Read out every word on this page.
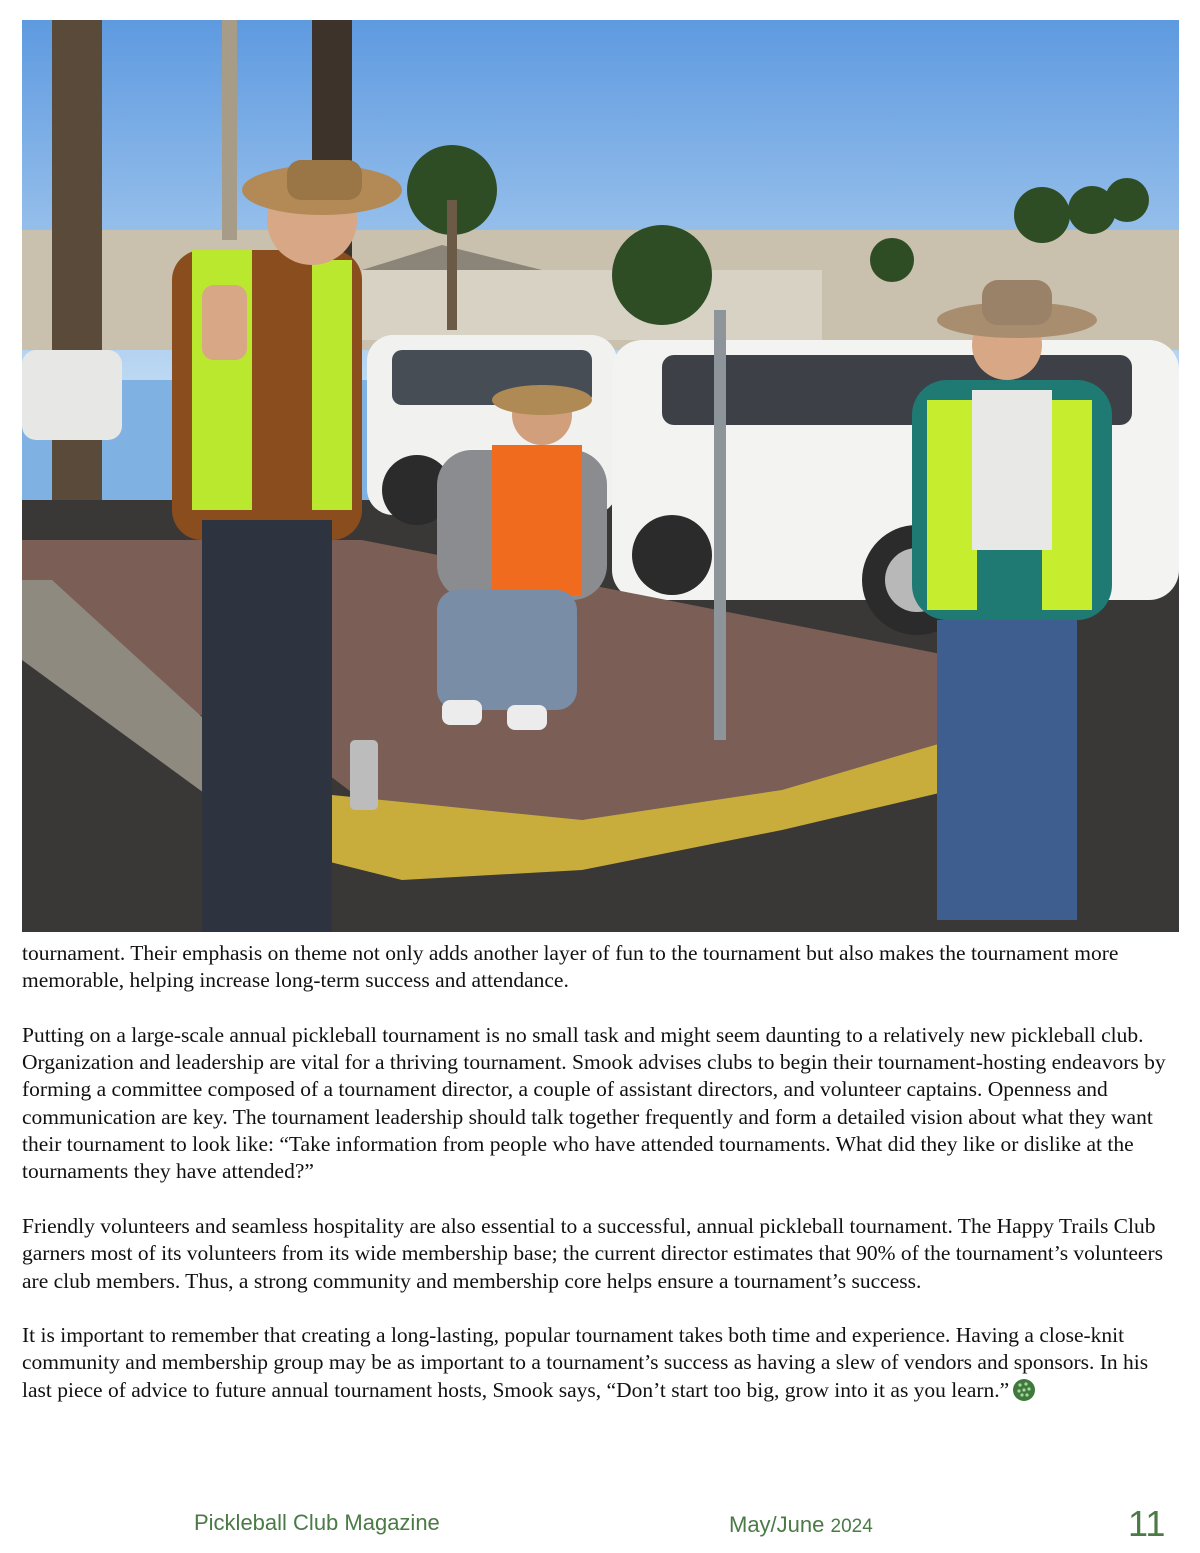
tournament. Their emphasis on theme not only adds another layer of fun to the tournament but also makes the tournament more memorable, helping increase long-term success and attendance.

Putting on a large-scale annual pickleball tournament is no small task and might seem daunting to a relatively new pickleball club. Organization and leadership are vital for a thriving tournament. Smook advises clubs to begin their tournament-hosting endeavors by forming a committee composed of a tournament director, a couple of assistant directors, and volunteer captains. Openness and communication are key. The tournament leadership should talk together frequently and form a detailed vision about what they want their tournament to look like: “Take information from people who have attended tournaments. What did they like or dislike at the tournaments they have attended?”

Friendly volunteers and seamless hospitality are also essential to a successful, annual pickleball tournament. The Happy Trails Club garners most of its volunteers from its wide membership base; the current director estimates that 90% of the tournament’s volunteers are club members. Thus, a strong community and membership core helps ensure a tournament’s success.

It is important to remember that creating a long-lasting, popular tournament takes both time and experience. Having a close-knit community and membership group may be as important to a tournament’s success as having a slew of vendors and sponsors. In his last piece of advice to future annual tournament hosts, Smook says, “Don’t start too big, grow into it as you learn.”

Pickleball Club Magazine	May/June 2024	11
